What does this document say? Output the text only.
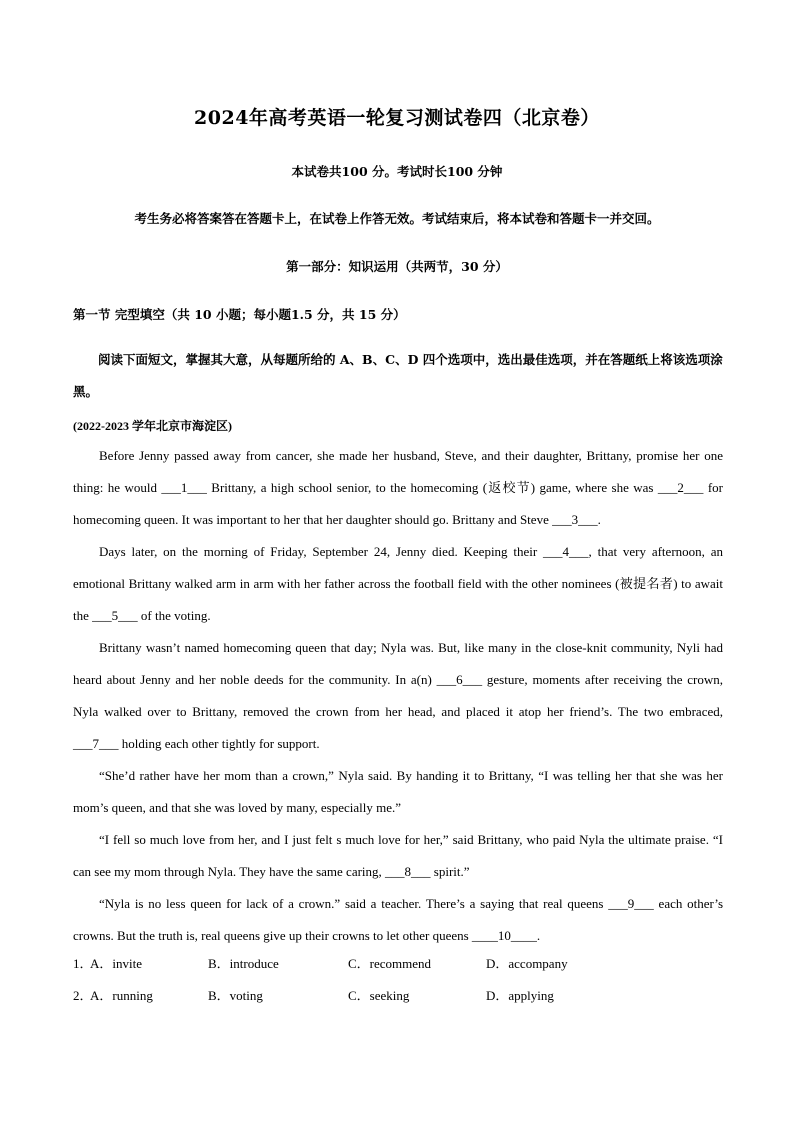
2024年高考英语一轮复习测试卷四（北京卷）
本试卷共100 分。考试时长100 分钟
考生务必将答案答在答题卡上，在试卷上作答无效。考试结束后，将本试卷和答题卡一并交回。
第一部分：知识运用（共两节，30 分）
第一节 完型填空（共 10 小题；每小题1.5 分，共 15 分）
阅读下面短文，掌握其大意，从每题所给的 A、B、C、D 四个选项中，选出最佳选项，并在答题纸上将该选项涂黑。
(2022-2023 学年北京市海淀区)

Before Jenny passed away from cancer, she made her husband, Steve, and their daughter, Brittany, promise her one thing: he would ___1___ Brittany, a high school senior, to the homecoming (返校节) game, where she was ___2___ for homecoming queen. It was important to her that her daughter should go. Brittany and Steve ___3___.

Days later, on the morning of Friday, September 24, Jenny died. Keeping their ___4___, that very afternoon, an emotional Brittany walked arm in arm with her father across the football field with the other nominees (被提名者) to await the ___5___ of the voting.

Brittany wasn’t named homecoming queen that day; Nyla was. But, like many in the close-knit community, Nyli had heard about Jenny and her noble deeds for the community. In a(n) ___6___ gesture, moments after receiving the crown, Nyla walked over to Brittany, removed the crown from her head, and placed it atop her friend’s. The two embraced, ___7___ holding each other tightly for support.

“She’d rather have her mom than a crown,” Nyla said. By handing it to Brittany, “I was telling her that she was her mom’s queen, and that she was loved by many, especially me.”

“I fell so much love from her, and I just felt s much love for her,” said Brittany, who paid Nyla the ultimate praise. “I can see my mom through Nyla. They have the same caring, ___8___ spirit.”

“Nyla is no less queen for lack of a crown.” said a teacher. There’s a saying that real queens ___9___ each other’s crowns. But the truth is, real queens give up their crowns to let other queens ____10____.

1．
A．invite	B．introduce	C．recommend	D．accompany
2．
A．running	B．voting	C．seeking	D．applying
